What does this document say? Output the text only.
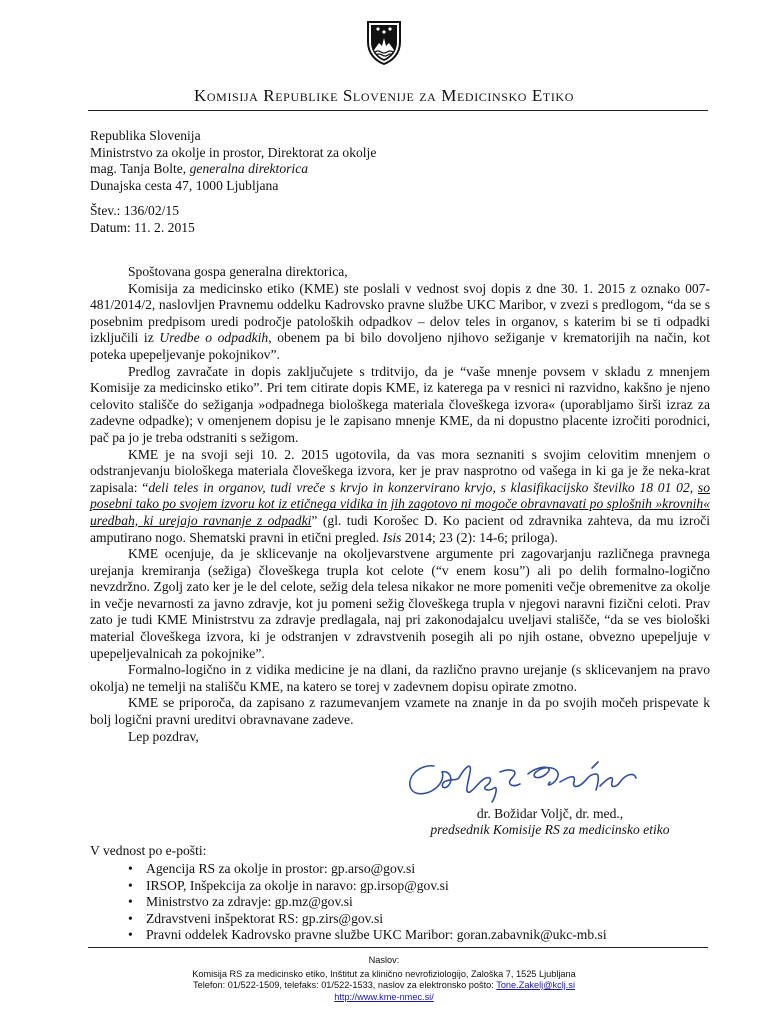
Komisija Republike Slovenije za Medicinsko Etiko
Republika Slovenija
Ministrstvo za okolje in prostor, Direktorat za okolje
mag. Tanja Bolte, generalna direktorica
Dunajska cesta 47, 1000 Ljubljana
Štev.: 136/02/15
Datum: 11. 2. 2015

Spoštovana gospa generalna direktorica,

Komisija za medicinsko etiko (KME) ste poslali v vednost svoj dopis z dne 30. 1. 2015 z oznako 007-481/2014/2, naslovljen Pravnemu oddelku Kadrovsko pravne službe UKC Maribor, v zvezi s predlogom, “da se s posebnim predpisom uredi področje patoloških odpadkov – delov teles in organov, s katerim bi se ti odpadki izključili iz Uredbe o odpadkih, obenem pa bi bilo dovoljeno njihovo sežiganje v krematorijih na način, kot poteka upepeljevanje pokojnikov”.

Predlog zavračate in dopis zaključujete s trditvijo, da je “vaše mnenje povsem v skladu z mnenjem Komisije za medicinsko etiko”. Pri tem citirate dopis KME, iz katerega pa v resnici ni razvidno, kakšno je njeno celovito stališče do sežiganja »odpadnega biološkega materiala človeškega izvora« (uporabljamo širši izraz za zadevne odpadke); v omenjenem dopisu je le zapisano mnenje KME, da ni dopustno placente izročiti porodnici, pač pa jo je treba odstraniti s sežigom.

KME je na svoji seji 10. 2. 2015 ugotovila, da vas mora seznaniti s svojim celovitim mnenjem o odstranjevanju biološkega materiala človeškega izvora, ker je prav nasprotno od vašega in ki ga je že neka-krat zapisala: “deli teles in organov, tudi vreče s krvjo in konzervirano krvjo, s klasifikacijsko številko 18 01 02, so posebni tako po svojem izvoru kot iz etičnega vidika in jih zagotovo ni mogoče obravnavati po splošnih »krovnih« uredbah, ki urejajo ravnanje z odpadki” (gl. tudi Korošec D. Ko pacient od zdravnika zahteva, da mu izroči amputirano nogo. Shematski pravni in etični pregled. Isis 2014; 23 (2): 14-6; priloga).

KME ocenjuje, da je sklicevanje na okoljevarstvene argumente pri zagovarjanju različnega pravnega urejanja kremiranja (sežiga) človeškega trupla kot celote (“v enem kosu”) ali po delih formalno-logično nevzdržno. Zgolj zato ker je le del celote, sežig dela telesa nikakor ne more pomeniti večje obremenitve za okolje in večje nevarnosti za javno zdravje, kot ju pomeni sežig človeškega trupla v njegovi naravni fizični celoti. Prav zato je tudi KME Ministrstvu za zdravje predlagala, naj pri zakonodajalcu uveljavi stališče, “da se ves biološki material človeškega izvora, ki je odstranjen v zdravstvenih posegih ali po njih ostane, obvezno upepeljuje v upepeljevalnicah za pokojnike”.

Formalno-logično in z vidika medicine je na dlani, da različno pravno urejanje (s sklicevanjem na pravo okolja) ne temelji na stališču KME, na katero se torej v zadevnem dopisu opirate zmotno.

KME se priporoča, da zapisano z razumevanjem vzamete na znanje in da po svojih močeh prispevate k bolj logični pravni ureditvi obravnavane zadeve.

Lep pozdrav,

dr. Božidar Voljč, dr. med.,
predsednik Komisije RS za medicinsko etiko
V vednost po e-pošti:
• Agencija RS za okolje in prostor: gp.arso@gov.si
• IRSOP, Inšpekcija za okolje in naravo: gp.irsop@gov.si
• Ministrstvo za zdravje: gp.mz@gov.si
• Zdravstveni inšpektorat RS: gp.zirs@gov.si
• Pravni oddelek Kadrovsko pravne službe UKC Maribor: goran.zabavnik@ukc-mb.si
Naslov:
Komisija RS za medicinsko etiko, Inštitut za klinično nevrofiziologijo, Zaloška 7, 1525 Ljubljana
Telefon: 01/522-1509, telefaks: 01/522-1533, naslov za elektronsko pošto: Tone.Zakelj@kclj.si
http://www.kme-nmec.si/
